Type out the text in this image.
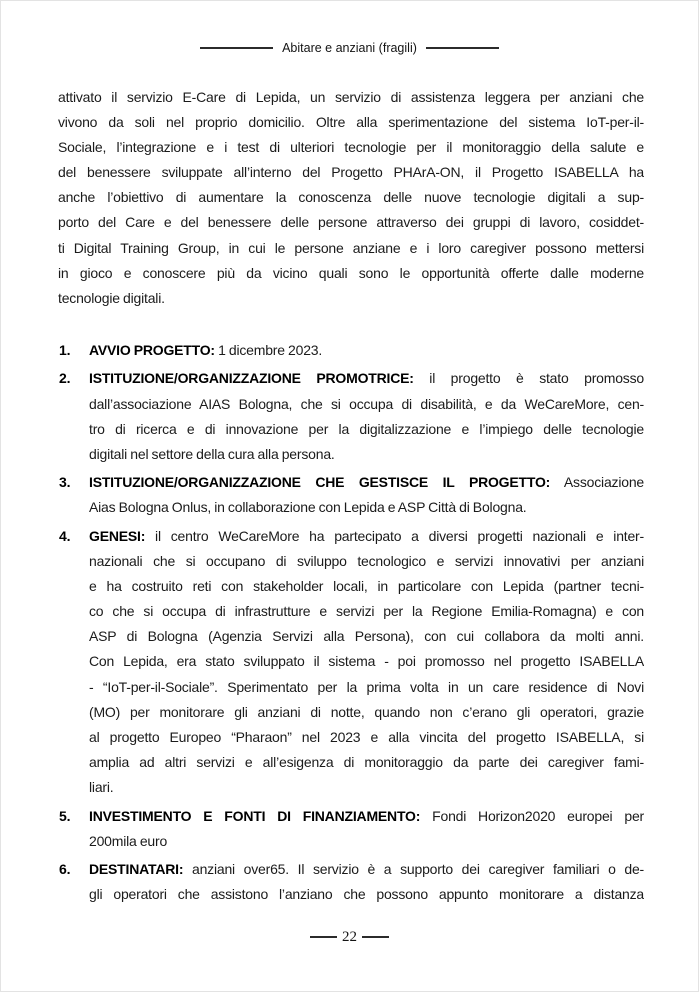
Abitare e anziani (fragili)
attivato il servizio E-Care di Lepida, un servizio di assistenza leggera per anziani che
vivono da soli nel proprio domicilio. Oltre alla sperimentazione del sistema IoT-per-il-
Sociale, l’integrazione e i test di ulteriori tecnologie per il monitoraggio della salute e
del benessere sviluppate all’interno del Progetto PHArA-ON, il Progetto ISABELLA ha
anche l’obiettivo di aumentare la conoscenza delle nuove tecnologie digitali a sup-
porto del Care e del benessere delle persone attraverso dei gruppi di lavoro, cosiddet-
ti Digital Training Group, in cui le persone anziane e i loro caregiver possono mettersi
in gioco e conoscere più da vicino quali sono le opportunità offerte dalle moderne
tecnologie digitali.
1. AVVIO PROGETTO: 1 dicembre 2023.
2. ISTITUZIONE/ORGANIZZAZIONE PROMOTRICE: il progetto è stato promosso
dall’associazione AIAS Bologna, che si occupa di disabilità, e da WeCareMore, cen-
tro di ricerca e di innovazione per la digitalizzazione e l’impiego delle tecnologie
digitali nel settore della cura alla persona.
3. ISTITUZIONE/ORGANIZZAZIONE CHE GESTISCE IL PROGETTO: Associazione
Aias Bologna Onlus, in collaborazione con Lepida e ASP Città di Bologna.
4. GENESI: il centro WeCareMore ha partecipato a diversi progetti nazionali e inter-
nazionali che si occupano di sviluppo tecnologico e servizi innovativi per anziani
e ha costruito reti con stakeholder locali, in particolare con Lepida (partner tecni-
co che si occupa di infrastrutture e servizi per la Regione Emilia-Romagna) e con
ASP di Bologna (Agenzia Servizi alla Persona), con cui collabora da molti anni.
Con Lepida, era stato sviluppato il sistema - poi promosso nel progetto ISABELLA
- “IoT-per-il-Sociale”. Sperimentato per la prima volta in un care residence di Novi
(MO) per monitorare gli anziani di notte, quando non c’erano gli operatori, grazie
al progetto Europeo “Pharaon” nel 2023 e alla vincita del progetto ISABELLA, si
amplia ad altri servizi e all’esigenza di monitoraggio da parte dei caregiver fami-
liari.
5. INVESTIMENTO E FONTI DI FINANZIAMENTO: Fondi Horizon2020 europei per
200mila euro
6. DESTINATARI: anziani over65. Il servizio è a supporto dei caregiver familiari o de-
gli operatori che assistono l’anziano che possono appunto monitorare a distanza
22
